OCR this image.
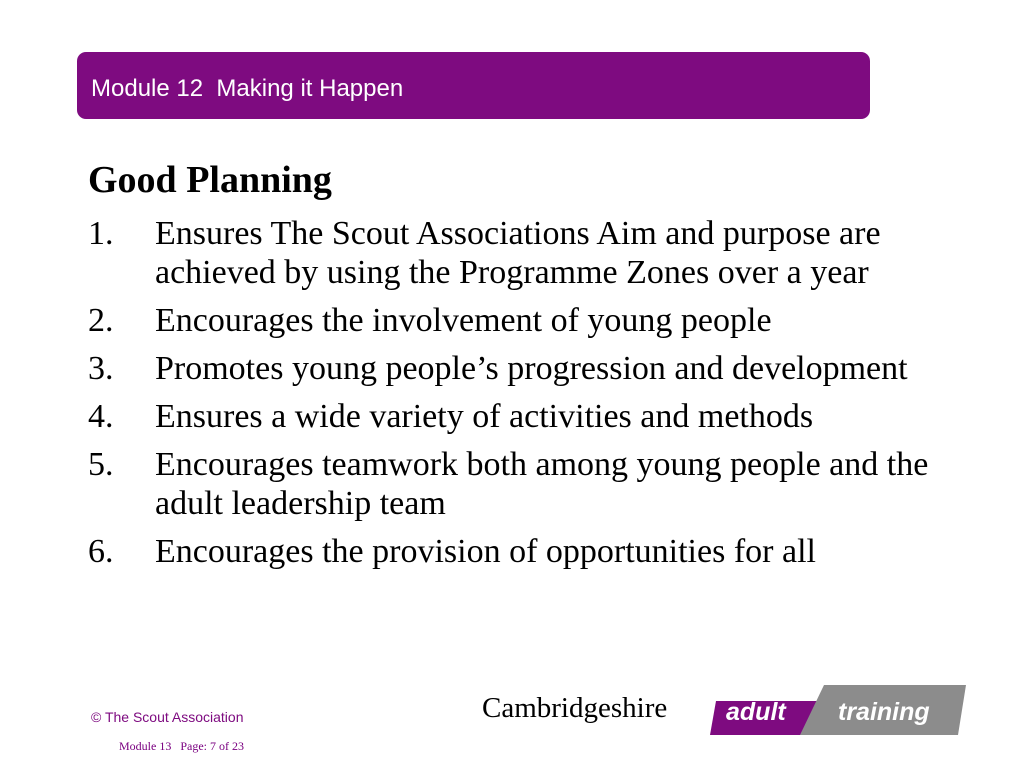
Module 12  Making it Happen
Good Planning
1. Ensures The Scout Associations Aim and purpose are achieved by using the Programme Zones over a year
2. Encourages the involvement of young people
3. Promotes young people’s progression and development
4. Ensures a wide variety of activities and methods
5. Encourages teamwork both among young people and the adult leadership team
6. Encourages the provision of opportunities for all
© The Scout Association
Module 13   Page: 7 of 23
Cambridgeshire adult training
